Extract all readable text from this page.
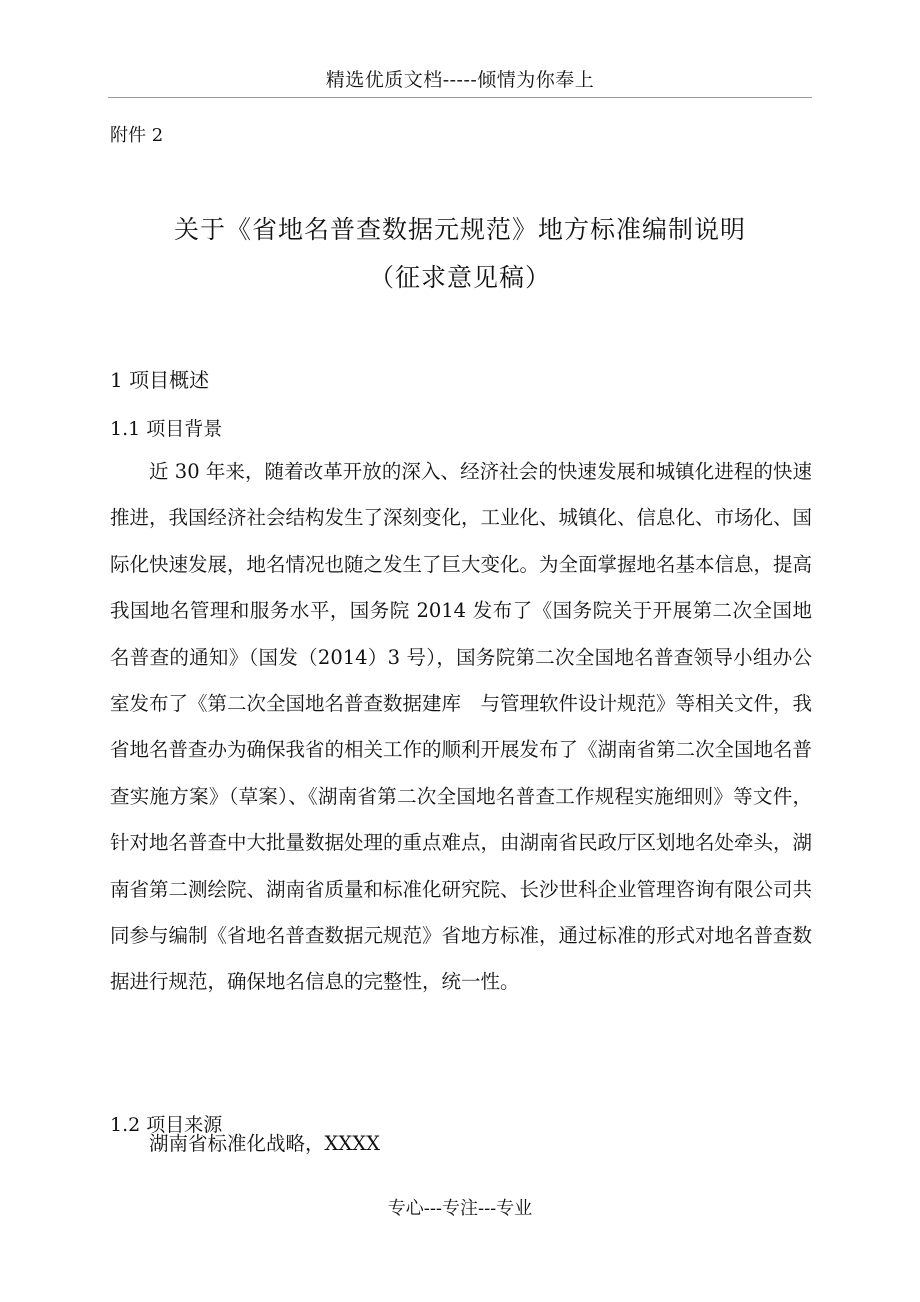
精选优质文档-----倾情为你奉上
附件 2
关于《省地名普查数据元规范》地方标准编制说明
（征求意见稿）
1 项目概述
1.1 项目背景

近 30 年来，随着改革开放的深入、经济社会的快速发展和城镇化进程的快速推进，我国经济社会结构发生了深刻变化，工业化、城镇化、信息化、市场化、国际化快速发展，地名情况也随之发生了巨大变化。为全面掌握地名基本信息，提高我国地名管理和服务水平，国务院 2014 发布了《国务院关于开展第二次全国地名普查的通知》（国发（2014）3 号），国务院第二次全国地名普查领导小组办公室发布了《第二次全国地名普查数据建库　与管理软件设计规范》等相关文件，我省地名普查办为确保我省的相关工作的顺利开展发布了《湖南省第二次全国地名普查实施方案》（草案）、《湖南省第二次全国地名普查工作规程实施细则》等文件，针对地名普查中大批量数据处理的重点难点，由湖南省民政厅区划地名处牵头，湖南省第二测绘院、湖南省质量和标准化研究院、长沙世科企业管理咨询有限公司共同参与编制《省地名普查数据元规范》省地方标准，通过标准的形式对地名普查数据进行规范，确保地名信息的完整性，统一性。

1.2 项目来源

湖南省标准化战略，XXXX

专心---专注---专业
